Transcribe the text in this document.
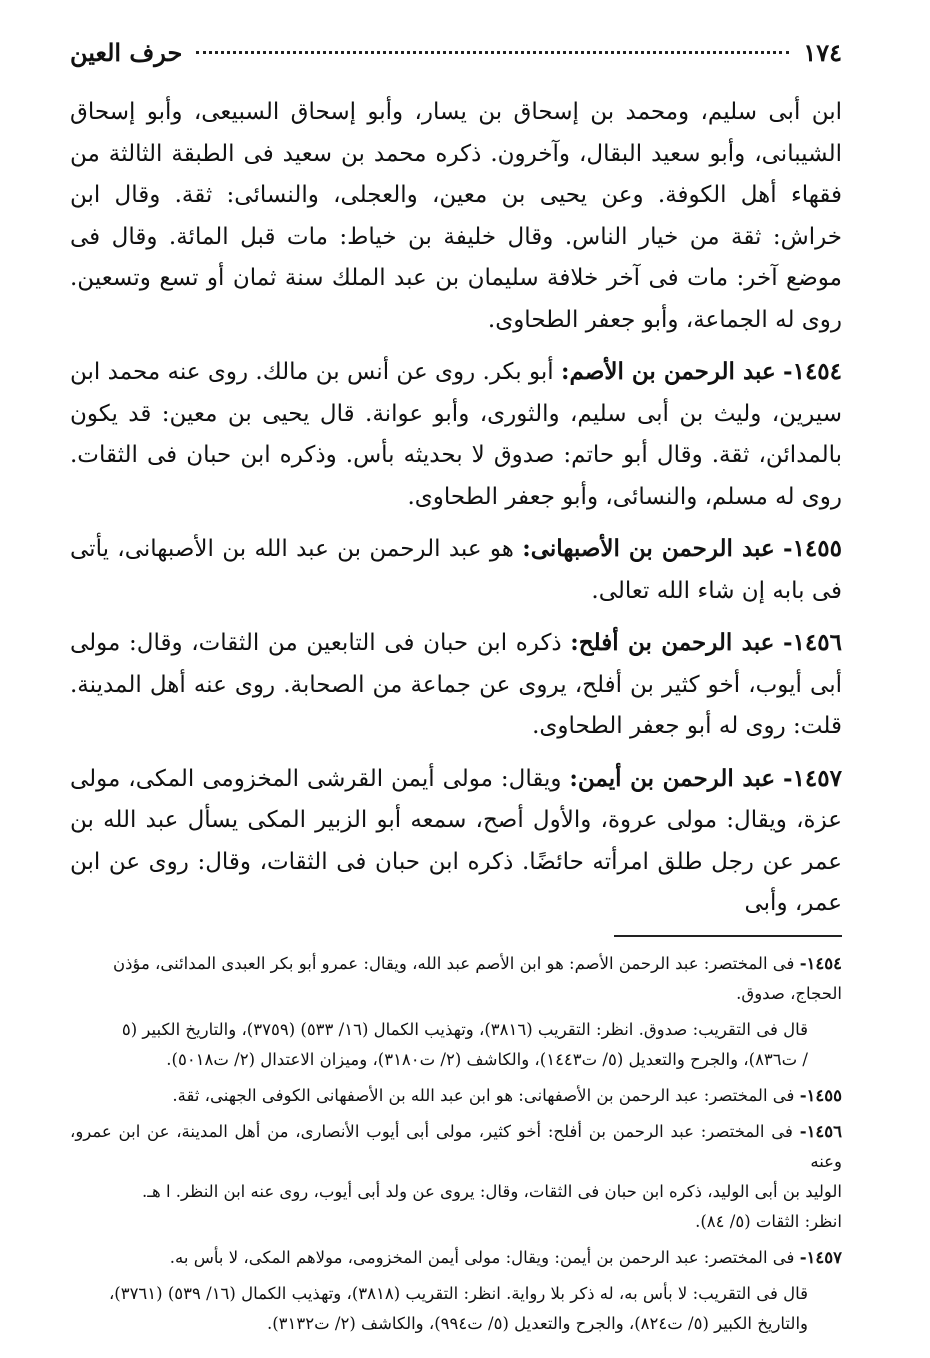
١٧٤
حرف العين

ابن أبى سليم، ومحمد بن إسحاق بن يسار، وأبو إسحاق السبيعى، وأبو إسحاق الشيبانى، وأبو سعيد البقال، وآخرون. ذكره محمد بن سعيد فى الطبقة الثالثة من فقهاء أهل الكوفة. وعن يحيى بن معين، والعجلى، والنسائى: ثقة. وقال ابن خراش: ثقة من خيار الناس. وقال خليفة بن خياط: مات قبل المائة. وقال فى موضع آخر: مات فى آخر خلافة سليمان بن عبد الملك سنة ثمان أو تسع وتسعين. روى له الجماعة، وأبو جعفر الطحاوى.

١٤٥٤- عبد الرحمن بن الأصم: أبو بكر. روى عن أنس بن مالك. روى عنه محمد ابن سيرين، وليث بن أبى سليم، والثورى، وأبو عوانة. قال يحيى بن معين: قد يكون بالمدائن، ثقة. وقال أبو حاتم: صدوق لا بحديثه بأس. وذكره ابن حبان فى الثقات. روى له مسلم، والنسائى، وأبو جعفر الطحاوى.

١٤٥٥- عبد الرحمن بن الأصبهانى: هو عبد الرحمن بن عبد الله بن الأصبهانى، يأتى فى بابه إن شاء الله تعالى.

١٤٥٦- عبد الرحمن بن أفلح: ذكره ابن حبان فى التابعين من الثقات، وقال: مولى أبى أيوب، أخو كثير بن أفلح، يروى عن جماعة من الصحابة. روى عنه أهل المدينة. قلت: روى له أبو جعفر الطحاوى.

١٤٥٧- عبد الرحمن بن أيمن: ويقال: مولى أيمن القرشى المخزومى المكى، مولى عزة، ويقال: مولى عروة، والأول أصح، سمعه أبو الزبير المكى يسأل عبد الله بن عمر عن رجل طلق امرأته حائضًا. ذكره ابن حبان فى الثقات، وقال: روى عن ابن عمر، وأبى

١٤٥٤- فى المختصر: عبد الرحمن الأصم: هو ابن الأصم عبد الله، ويقال: عمرو أبو بكر العبدى المدائنى، مؤذن
الحجاج، صدوق.
قال فى التقريب: صدوق. انظر: التقريب (٣٨١٦)، وتهذيب الكمال (١٦/ ٥٣٣) (٣٧٥٩)، والتاريخ الكبير (٥
/ ت٨٣٦)، والجرح والتعديل (٥/ ت١٤٤٣)، والكاشف (٢/ ت٣١٨٠)، وميزان الاعتدال (٢/ ت٥٠١٨).
١٤٥٥- فى المختصر: عبد الرحمن بن الأصفهانى: هو ابن عبد الله بن الأصفهانى الكوفى الجهنى، ثقة.
١٤٥٦- فى المختصر: عبد الرحمن بن أفلح: أخو كثير، مولى أبى أيوب الأنصارى، من أهل المدينة، عن ابن عمرو، وعنه
الوليد بن أبى الوليد، ذكره ابن حبان فى الثقات، وقال: يروى عن ولد أبى أيوب، روى عنه ابن النظر. ا هـ.
انظر: الثقات (٥/ ٨٤).
١٤٥٧- فى المختصر: عبد الرحمن بن أيمن: ويقال: مولى أيمن المخزومى، مولاهم المكى، لا بأس به.
قال فى التقريب: لا بأس به، له ذكر بلا رواية. انظر: التقريب (٣٨١٨)، وتهذيب الكمال (١٦/ ٥٣٩) (٣٧٦١)،
والتاريخ الكبير (٥/ ت٨٢٤)، والجرح والتعديل (٥/ ت٩٩٤)، والكاشف (٢/ ت٣١٣٢).
